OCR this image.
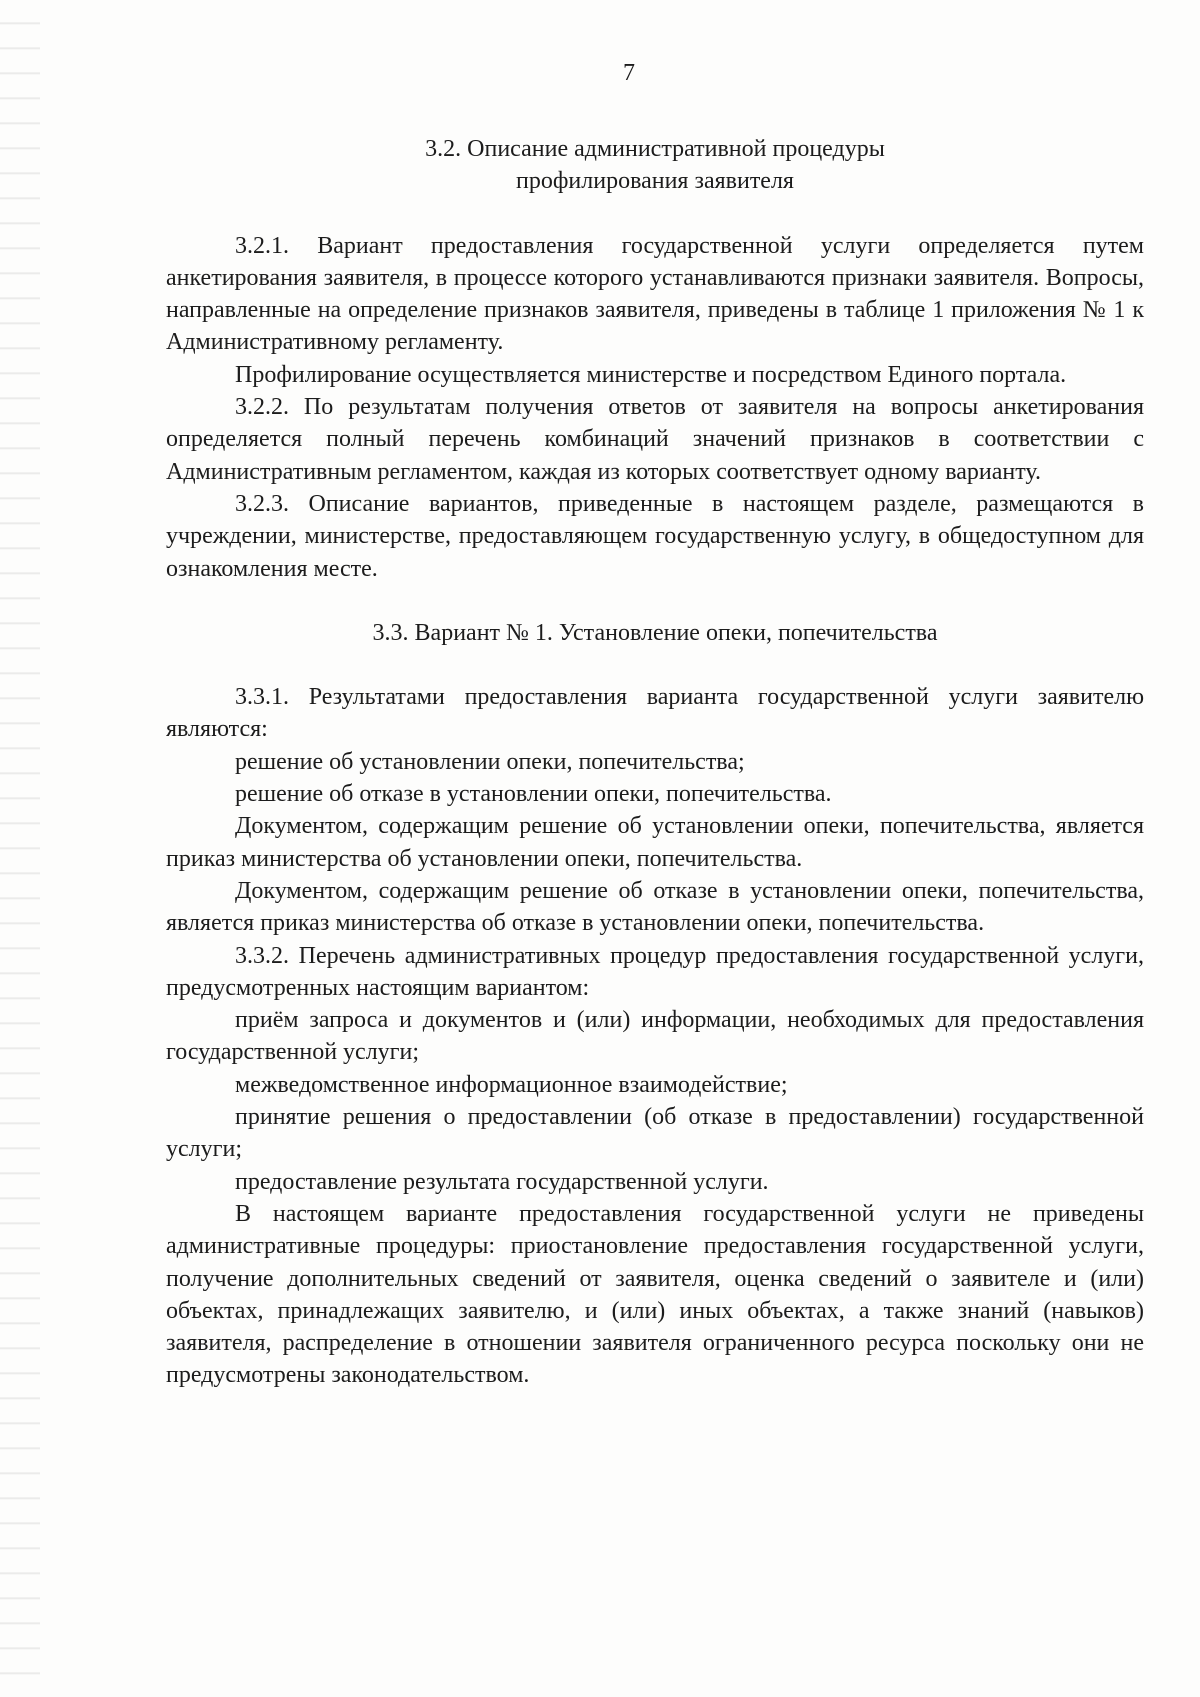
7

3.2. Описание административной процедуры

профилирования заявителя

3.2.1. Вариант предоставления государственной услуги определяется путем анкетирования заявителя, в процессе которого устанавливаются признаки заявителя. Вопросы, направленные на определение признаков заявителя, приведены в таблице 1 приложения № 1 к Административному регламенту.

Профилирование осуществляется министерстве и посредством Единого портала.

3.2.2. По результатам получения ответов от заявителя на вопросы анкетирования определяется полный перечень комбинаций значений признаков в соответствии с Административным регламентом, каждая из которых соответствует одному варианту.

3.2.3. Описание вариантов, приведенные в настоящем разделе, размещаются в учреждении, министерстве, предоставляющем государственную услугу, в общедоступном для ознакомления месте.

3.3. Вариант № 1. Установление опеки, попечительства

3.3.1. Результатами предоставления варианта государственной услуги заявителю являются:

решение об установлении опеки, попечительства;

решение об отказе в установлении опеки, попечительства.

Документом, содержащим решение об установлении опеки, попечительства, является приказ министерства об установлении опеки, попечительства.

Документом, содержащим решение об отказе в установлении опеки, попечительства, является приказ министерства об отказе в установлении опеки, попечительства.

3.3.2. Перечень административных процедур предоставления государственной услуги, предусмотренных настоящим вариантом:

приём запроса и документов и (или) информации, необходимых для предоставления государственной услуги;

межведомственное информационное взаимодействие;

принятие решения о предоставлении (об отказе в предоставлении) государственной услуги;

предоставление результата государственной услуги.

В настоящем варианте предоставления государственной услуги не приведены административные процедуры: приостановление предоставления государственной услуги, получение дополнительных сведений от заявителя, оценка сведений о заявителе и (или) объектах, принадлежащих заявителю, и (или) иных объектах, а также знаний (навыков) заявителя, распределение в отношении заявителя ограниченного ресурса поскольку они не предусмотрены законодательством.
